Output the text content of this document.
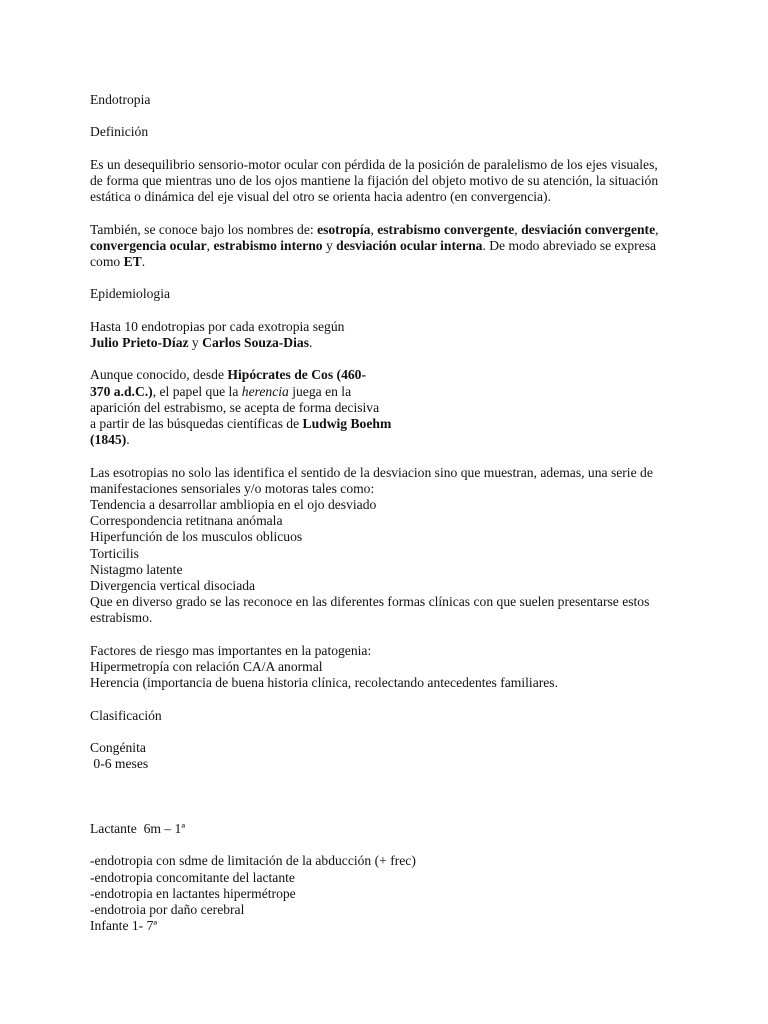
Endotropia

Definición

Es un desequilibrio sensorio-motor ocular con pérdida de la posición de paralelismo de los ejes visuales,
de forma que mientras uno de los ojos mantiene la fijación del objeto motivo de su atención, la situación
estática o dinámica del eje visual del otro se orienta hacia adentro (en convergencia).

También, se conoce bajo los nombres de: esotropía, estrabismo convergente, desviación convergente,
convergencia ocular, estrabismo interno y desviación ocular interna. De modo abreviado se expresa
como ET.

Epidemiologia

Hasta 10 endotropias por cada exotropia según
Julio Prieto-Díaz y Carlos Souza-Dias.

Aunque conocido, desde Hipócrates de Cos (460-
370 a.d.C.), el papel que la herencia juega en la
aparición del estrabismo, se acepta de forma decisiva
a partir de las búsquedas científicas de Ludwig Boehm
(1845).

Las esotropias no solo las identifica el sentido de la desviacion sino que muestran, ademas, una serie de
manifestaciones sensoriales y/o motoras tales como:
Tendencia a desarrollar ambliopia en el ojo desviado
Correspondencia retitnana anómala
Hiperfunción de los musculos oblicuos
Torticilis
Nistagmo latente
Divergencia vertical disociada
Que en diverso grado se las reconoce en las diferentes formas clínicas con que suelen presentarse estos
estrabismo.

Factores de riesgo mas importantes en la patogenia:
Hipermetropía con relación CA/A anormal
Herencia (importancia de buena historia clínica, recolectando antecedentes familiares.

Clasificación

Congénita
0-6 meses

Lactante  6m – 1ª

-endotropia con sdme de limitación de la abducción (+ frec)
-endotropia concomitante del lactante
-endotropia en lactantes hipermétrope
-endotroia por daño cerebral
Infante 1- 7ª
